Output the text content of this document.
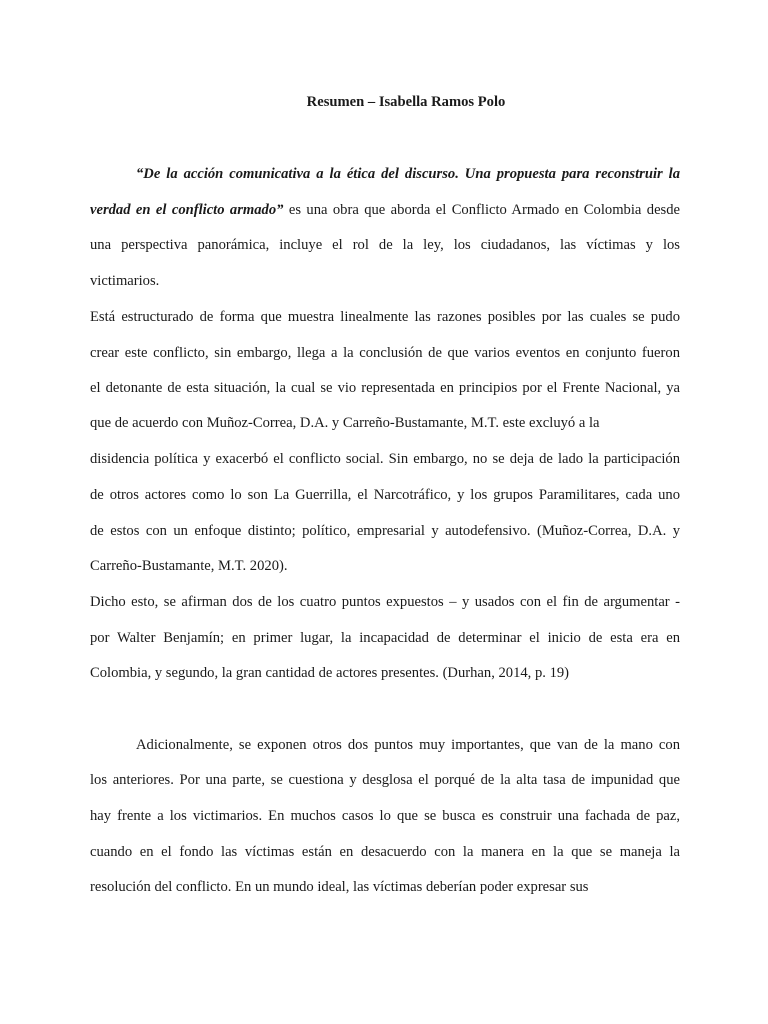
Resumen – Isabella Ramos Polo
“De la acción comunicativa a la ética del discurso. Una propuesta para reconstruir la
verdad en el conflicto armado” es una obra que aborda el Conflicto Armado en Colombia desde
una perspectiva panorámica, incluye el rol de la ley, los ciudadanos, las víctimas y los
victimarios.
Está estructurado de forma que muestra linealmente las razones posibles por las cuales se pudo
crear este conflicto, sin embargo, llega a la conclusión de que varios eventos en conjunto fueron
el detonante de esta situación, la cual se vio representada en principios por el Frente Nacional, ya
que de acuerdo con Muñoz-Correa, D.A. y Carreño-Bustamante, M.T. este excluyó a la
disidencia política y exacerbó el conflicto social. Sin embargo, no se deja de lado la participación
de otros actores como lo son La Guerrilla, el Narcotráfico, y los grupos Paramilitares, cada uno
de estos con un enfoque distinto; político, empresarial y autodefensivo. (Muñoz-Correa, D.A. y
Carreño-Bustamante, M.T. 2020).
Dicho esto, se afirman dos de los cuatro puntos expuestos – y usados con el fin de argumentar -
por Walter Benjamín; en primer lugar, la incapacidad de determinar el inicio de esta era en
Colombia, y segundo, la gran cantidad de actores presentes. (Durhan, 2014, p. 19)
Adicionalmente, se exponen otros dos puntos muy importantes, que van de la mano con
los anteriores. Por una parte, se cuestiona y desglosa el porqué de la alta tasa de impunidad que
hay frente a los victimarios. En muchos casos lo que se busca es construir una fachada de paz,
cuando en el fondo las víctimas están en desacuerdo con la manera en la que se maneja la
resolución del conflicto. En un mundo ideal, las víctimas deberían poder expresar sus
